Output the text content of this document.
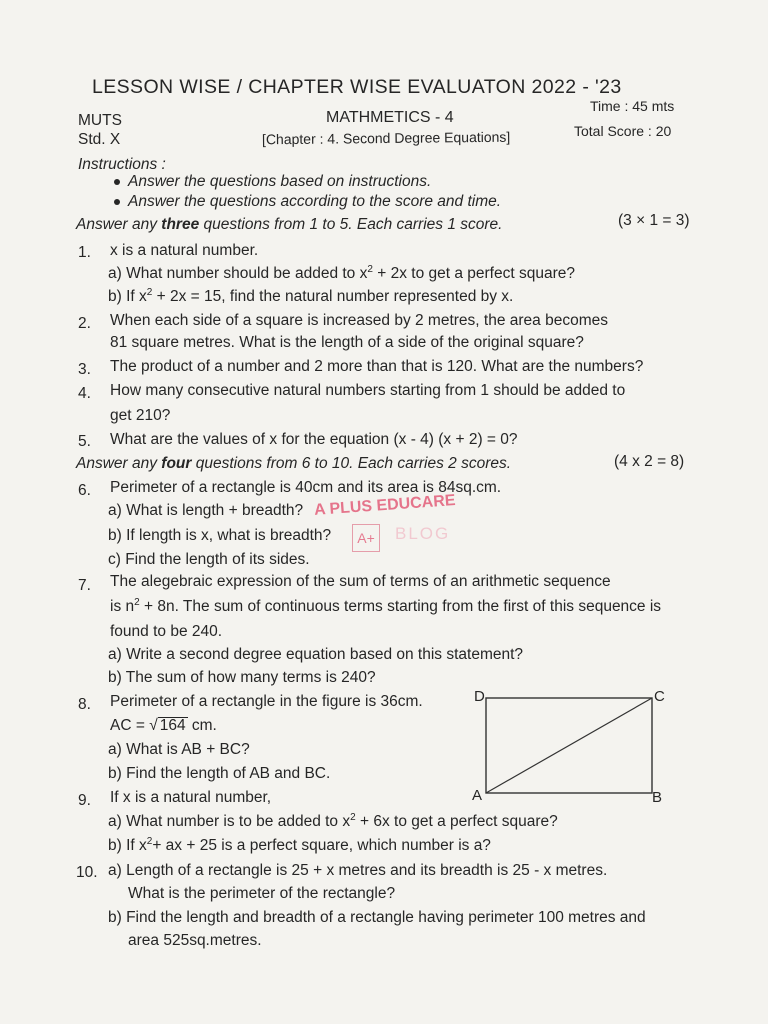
LESSON WISE / CHAPTER WISE EVALUATON 2022 - '23
MUTS
Std. X
MATHMETICS - 4
[Chapter : 4. Second Degree Equations]
Time : 45 mts
Total Score : 20
Instructions :
Answer the questions based on instructions.
Answer the questions according to the score and time.
Answer any three questions from 1 to 5. Each carries 1 score.	(3 × 1 = 3)
1. x is a natural number.
a) What number should be added to $x^2 + 2x$ to get a perfect square?
b) If $x^2 + 2x = 15$, find the natural number represented by x.
2. When each side of a square is increased by 2 metres, the area becomes
81 square metres. What is the length of a side of the original square?
3. The product of a number and 2 more than that is 120. What are the numbers?
4. How many consecutive natural numbers starting from 1 should be added to
get 210?
5. What are the values of x for the equation (x - 4) (x + 2) = 0?
Answer any four questions from 6 to 10. Each carries 2 scores.	(4 x 2 = 8)
6. Perimeter of a rectangle is 40cm and its area is 84sq.cm.
a) What is length + breadth?
b) If length is x, what is breadth?
c) Find the length of its sides.
A PLUS EDUCARE
A+	BLOG
7. The alegebraic expression of the sum of terms of an arithmetic sequence
is $n^2 + 8n$. The sum of continuous terms starting from the first of this sequence is
found to be 240.
a) Write a second degree equation based on this statement?
b) The sum of how many terms is 240?
8. Perimeter of a rectangle in the figure is 36cm.
AC = √ 164 cm.
a) What is AB + BC?
b) Find the length of AB and BC.
D	C
A	B
9. If x is a natural number,
a) What number is to be added to $x^2 + 6x$ to get a perfect square?
b) If $x^2+$ ax + 25 is a perfect square, which number is a?
10. a) Length of a rectangle is 25 + x metres and its breadth is 25 - x metres.
What is the perimeter of the rectangle?
b) Find the length and breadth of a rectangle having perimeter 100 metres and
area 525sq.metres.
